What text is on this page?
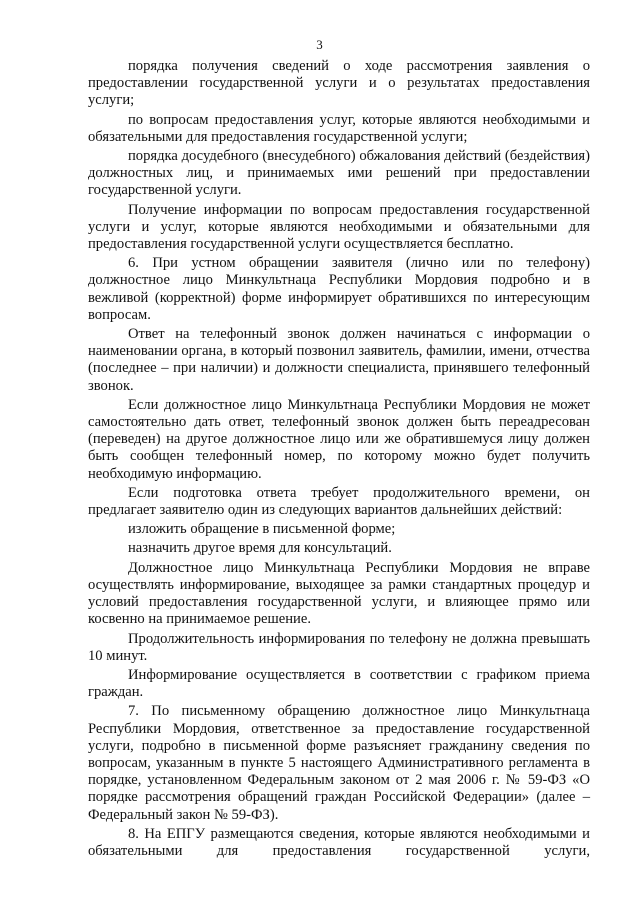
3

порядка получения сведений о ходе рассмотрения заявления о предоставлении государственной услуги и о результатах предоставления услуги;

по вопросам предоставления услуг, которые являются необходимыми и обязательными для предоставления государственной услуги;

порядка досудебного (внесудебного) обжалования действий (бездействия) должностных лиц, и принимаемых ими решений при предоставлении государственной услуги.

Получение информации по вопросам предоставления государственной услуги и услуг, которые являются необходимыми и обязательными для предоставления государственной услуги осуществляется бесплатно.

6. При устном обращении заявителя (лично или по телефону) должностное лицо Минкультнаца Республики Мордовия подробно и в вежливой (корректной) форме информирует обратившихся по интересующим вопросам.

Ответ на телефонный звонок должен начинаться с информации о наименовании органа, в который позвонил заявитель, фамилии, имени, отчества (последнее – при наличии) и должности специалиста, принявшего телефонный звонок.

Если должностное лицо Минкультнаца Республики Мордовия не может самостоятельно дать ответ, телефонный звонок должен быть переадресован (переведен) на другое должностное лицо или же обратившемуся лицу должен быть сообщен телефонный номер, по которому можно будет получить необходимую информацию.

Если подготовка ответа требует продолжительного времени, он предлагает заявителю один из следующих вариантов дальнейших действий:

изложить обращение в письменной форме;

назначить другое время для консультаций.

Должностное лицо Минкультнаца Республики Мордовия не вправе осуществлять информирование, выходящее за рамки стандартных процедур и условий предоставления государственной услуги, и влияющее прямо или косвенно на принимаемое решение.

Продолжительность информирования по телефону не должна превышать 10 минут.

Информирование осуществляется в соответствии с графиком приема граждан.

7. По письменному обращению должностное лицо Минкультнаца Республики Мордовия, ответственное за предоставление государственной услуги, подробно в письменной форме разъясняет гражданину сведения по вопросам, указанным в пункте 5 настоящего Административного регламента в порядке, установленном Федеральным законом от 2 мая 2006 г. № 59-ФЗ «О порядке рассмотрения обращений граждан Российской Федерации» (далее – Федеральный закон № 59-ФЗ).

8. На ЕПГУ размещаются сведения, которые являются необходимыми и обязательными для предоставления государственной услуги,
